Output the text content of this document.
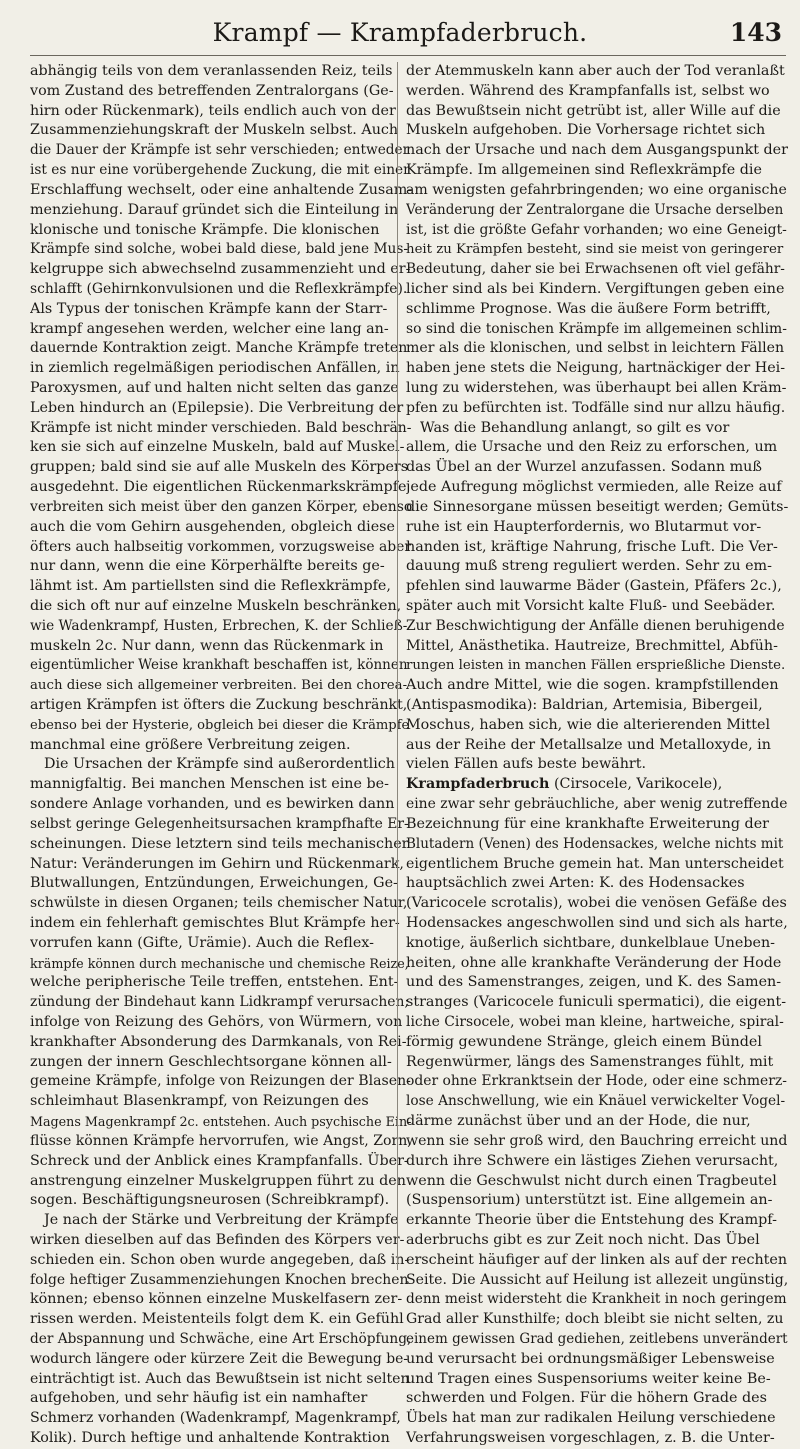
Krampf — Krampfaderbruch.	143
abhängig teils von dem veranlassenden Reiz, teils
vom Zustand des betreffenden Zentralorgans (Ge-
hirn oder Rückenmark), teils endlich auch von der
Zusammenziehungskraft der Muskeln selbst. Auch
die Dauer der Krämpfe ist sehr verschieden; entweder
ist es nur eine vorübergehende Zuckung, die mit einer
Erschlaffung wechselt, oder eine anhaltende Zusam-
menziehung. Darauf gründet sich die Einteilung in
klonische und tonische Krämpfe. Die klonischen
Krämpfe sind solche, wobei bald diese, bald jene Mus-
kelgruppe sich abwechselnd zusammenzieht und er-
schlafft (Gehirnkonvulsionen und die Reflexkrämpfe).
Als Typus der tonischen Krämpfe kann der Starr-
krampf angesehen werden, welcher eine lang an-
dauernde Kontraktion zeigt. Manche Krämpfe treten
in ziemlich regelmäßigen periodischen Anfällen, in
Paroxysmen, auf und halten nicht selten das ganze
Leben hindurch an (Epilepsie). Die Verbreitung der
Krämpfe ist nicht minder verschieden. Bald beschrän-
ken sie sich auf einzelne Muskeln, bald auf Muskel-
gruppen; bald sind sie auf alle Muskeln des Körpers
ausgedehnt. Die eigentlichen Rückenmarkskrämpfe
verbreiten sich meist über den ganzen Körper, ebenso
auch die vom Gehirn ausgehenden, obgleich diese
öfters auch halbseitig vorkommen, vorzugsweise aber
nur dann, wenn die eine Körperhälfte bereits ge-
lähmt ist. Am partiellsten sind die Reflexkrämpfe,
die sich oft nur auf einzelne Muskeln beschränken,
wie Wadenkrampf, Husten, Erbrechen, K. der Schließ-
muskeln 2c. Nur dann, wenn das Rückenmark in
eigentümlicher Weise krankhaft beschaffen ist, können
auch diese sich allgemeiner verbreiten. Bei den chorea-
artigen Krämpfen ist öfters die Zuckung beschränkt,
ebenso bei der Hysterie, obgleich bei dieser die Krämpfe
manchmal eine größere Verbreitung zeigen.
Die Ursachen der Krämpfe sind außerordentlich
mannigfaltig. Bei manchen Menschen ist eine be-
sondere Anlage vorhanden, und es bewirken dann
selbst geringe Gelegenheitsursachen krampfhafte Er-
scheinungen. Diese letztern sind teils mechanischer
Natur: Veränderungen im Gehirn und Rückenmark,
Blutwallungen, Entzündungen, Erweichungen, Ge-
schwülste in diesen Organen; teils chemischer Natur,
indem ein fehlerhaft gemischtes Blut Krämpfe her-
vorrufen kann (Gifte, Urämie). Auch die Reflex-
krämpfe können durch mechanische und chemische Reize,
welche peripherische Teile treffen, entstehen. Ent-
zündung der Bindehaut kann Lidkrampf verursachen;
infolge von Reizung des Gehörs, von Würmern, von
krankhafter Absonderung des Darmkanals, von Rei-
zungen der innern Geschlechtsorgane können all-
gemeine Krämpfe, infolge von Reizungen der Blasen-
schleimhaut Blasenkrampf, von Reizungen des
Magens Magenkrampf 2c. entstehen. Auch psychische Ein-
flüsse können Krämpfe hervorrufen, wie Angst, Zorn,
Schreck und der Anblick eines Krampfanfalls. Über-
anstrengung einzelner Muskelgruppen führt zu den
sogen. Beschäftigungsneurosen (Schreibkrampf).
Je nach der Stärke und Verbreitung der Krämpfe
wirken dieselben auf das Befinden des Körpers ver-
schieden ein. Schon oben wurde angegeben, daß in-
folge heftiger Zusammenziehungen Knochen brechen
können; ebenso können einzelne Muskelfasern zer-
rissen werden. Meistenteils folgt dem K. ein Gefühl
der Abspannung und Schwäche, eine Art Erschöpfung,
wodurch längere oder kürzere Zeit die Bewegung be-
einträchtigt ist. Auch das Bewußtsein ist nicht selten
aufgehoben, und sehr häufig ist ein namhafter
Schmerz vorhanden (Wadenkrampf, Magenkrampf,
Kolik). Durch heftige und anhaltende Kontraktion
der Atemmuskeln kann aber auch der Tod veranlaßt
werden. Während des Krampfanfalls ist, selbst wo
das Bewußtsein nicht getrübt ist, aller Wille auf die
Muskeln aufgehoben. Die Vorhersage richtet sich
nach der Ursache und nach dem Ausgangspunkt der
Krämpfe. Im allgemeinen sind Reflexkrämpfe die
am wenigsten gefahrbringenden; wo eine organische
Veränderung der Zentralorgane die Ursache derselben
ist, ist die größte Gefahr vorhanden; wo eine Geneigt-
heit zu Krämpfen besteht, sind sie meist von geringerer
Bedeutung, daher sie bei Erwachsenen oft viel gefähr-
licher sind als bei Kindern. Vergiftungen geben eine
schlimme Prognose. Was die äußere Form betrifft,
so sind die tonischen Krämpfe im allgemeinen schlim-
mer als die klonischen, und selbst in leichtern Fällen
haben jene stets die Neigung, hartnäckiger der Hei-
lung zu widerstehen, was überhaupt bei allen Kräm-
pfen zu befürchten ist. Todfälle sind nur allzu häufig.
Was die Behandlung anlangt, so gilt es vor
allem, die Ursache und den Reiz zu erforschen, um
das Übel an der Wurzel anzufassen. Sodann muß
jede Aufregung möglichst vermieden, alle Reize auf
die Sinnesorgane müssen beseitigt werden; Gemüts-
ruhe ist ein Haupterfordernis, wo Blutarmut vor-
handen ist, kräftige Nahrung, frische Luft. Die Ver-
dauung muß streng reguliert werden. Sehr zu em-
pfehlen sind lauwarme Bäder (Gastein, Pfäfers 2c.),
später auch mit Vorsicht kalte Fluß- und Seebäder.
Zur Beschwichtigung der Anfälle dienen beruhigende
Mittel, Anästhetika. Hautreize, Brechmittel, Abfüh-
rungen leisten in manchen Fällen ersprießliche Dienste.
Auch andre Mittel, wie die sogen. krampfstillenden
(Antispasmodika): Baldrian, Artemisia, Bibergeil,
Moschus, haben sich, wie die alterierenden Mittel
aus der Reihe der Metallsalze und Metalloxyde, in
vielen Fällen aufs beste bewährt.
Krampfaderbruch (Cirsocele, Varikocele),
eine zwar sehr gebräuchliche, aber wenig zutreffende
Bezeichnung für eine krankhafte Erweiterung der
Blutadern (Venen) des Hodensackes, welche nichts mit
eigentlichem Bruche gemein hat. Man unterscheidet
hauptsächlich zwei Arten: K. des Hodensackes
(Varicocele scrotalis), wobei die venösen Gefäße des
Hodensackes angeschwollen sind und sich als harte,
knotige, äußerlich sichtbare, dunkelblaue Uneben-
heiten, ohne alle krankhafte Veränderung der Hode
und des Samenstranges, zeigen, und K. des Samen-
stranges (Varicocele funiculi spermatici), die eigent-
liche Cirsocele, wobei man kleine, hartweiche, spiral-
förmig gewundene Stränge, gleich einem Bündel
Regenwürmer, längs des Samenstranges fühlt, mit
oder ohne Erkranktsein der Hode, oder eine schmerz-
lose Anschwellung, wie ein Knäuel verwickelter Vogel-
därme zunächst über und an der Hode, die nur,
wenn sie sehr groß wird, den Bauchring erreicht und
durch ihre Schwere ein lästiges Ziehen verursacht,
wenn die Geschwulst nicht durch einen Tragbeutel
(Suspensorium) unterstützt ist. Eine allgemein an-
erkannte Theorie über die Entstehung des Krampf-
aderbruchs gibt es zur Zeit noch nicht. Das Übel
erscheint häufiger auf der linken als auf der rechten
Seite. Die Aussicht auf Heilung ist allezeit ungünstig,
denn meist widersteht die Krankheit in noch geringem
Grad aller Kunsthilfe; doch bleibt sie nicht selten, zu
einem gewissen Grad gediehen, zeitlebens unverändert
und verursacht bei ordnungsmäßiger Lebensweise
und Tragen eines Suspensoriums weiter keine Be-
schwerden und Folgen. Für die höhern Grade des
Übels hat man zur radikalen Heilung verschiedene
Verfahrungsweisen vorgeschlagen, z. B. die Unter-
